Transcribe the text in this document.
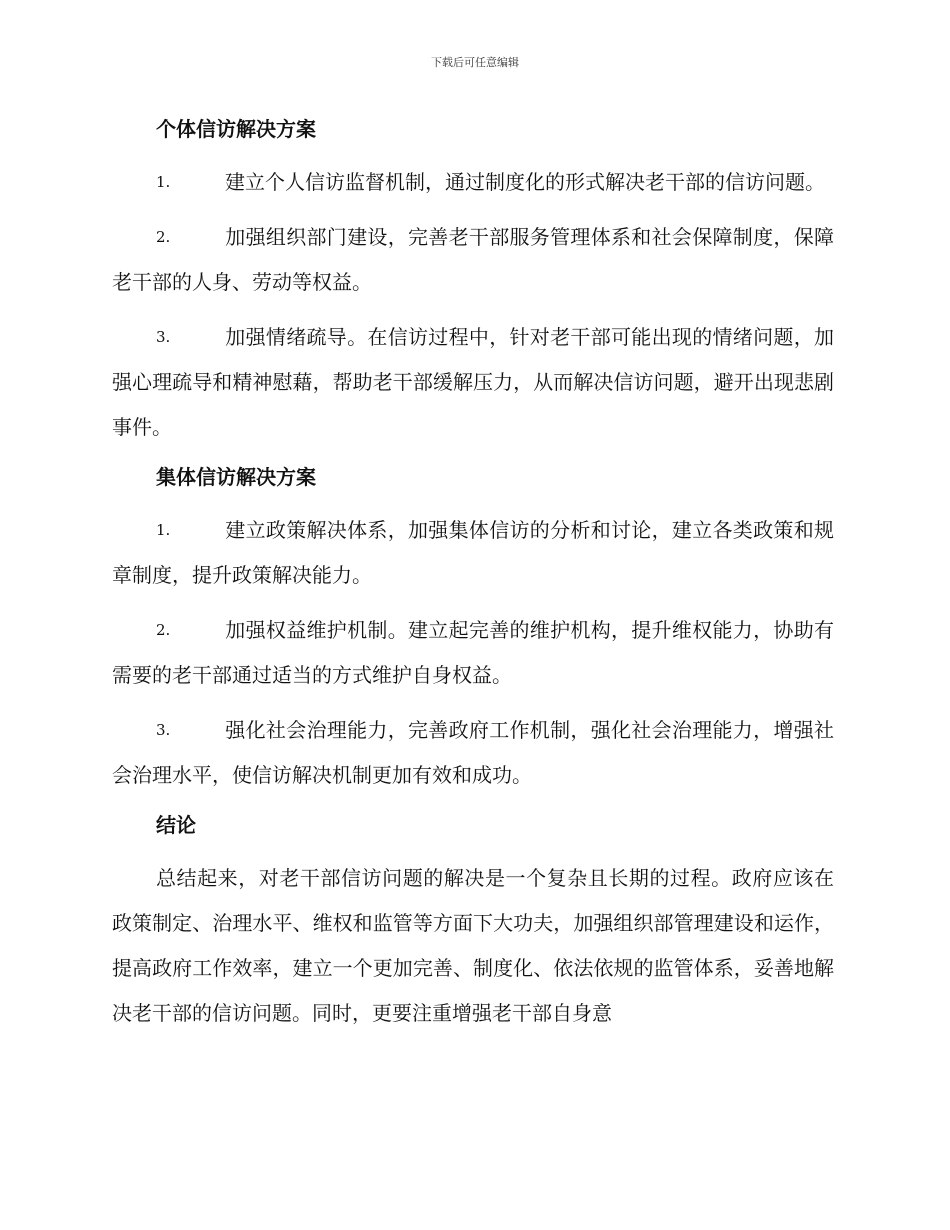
下载后可任意编辑
个体信访解决方案
1.	建立个人信访监督机制，通过制度化的形式解决老干部的信访问题。
2.	加强组织部门建设，完善老干部服务管理体系和社会保障制度，保障老干部的人身、劳动等权益。
3.	加强情绪疏导。在信访过程中，针对老干部可能出现的情绪问题，加强心理疏导和精神慰藉，帮助老干部缓解压力，从而解决信访问题，避开出现悲剧事件。
集体信访解决方案
1.	建立政策解决体系，加强集体信访的分析和讨论，建立各类政策和规章制度，提升政策解决能力。
2.	加强权益维护机制。建立起完善的维护机构，提升维权能力，协助有需要的老干部通过适当的方式维护自身权益。
3.	强化社会治理能力，完善政府工作机制，强化社会治理能力，增强社会治理水平，使信访解决机制更加有效和成功。
结论

总结起来，对老干部信访问题的解决是一个复杂且长期的过程。政府应该在政策制定、治理水平、维权和监管等方面下大功夫，加强组织部管理建设和运作，提高政府工作效率，建立一个更加完善、制度化、依法依规的监管体系，妥善地解决老干部的信访问题。同时，更要注重增强老干部自身意
